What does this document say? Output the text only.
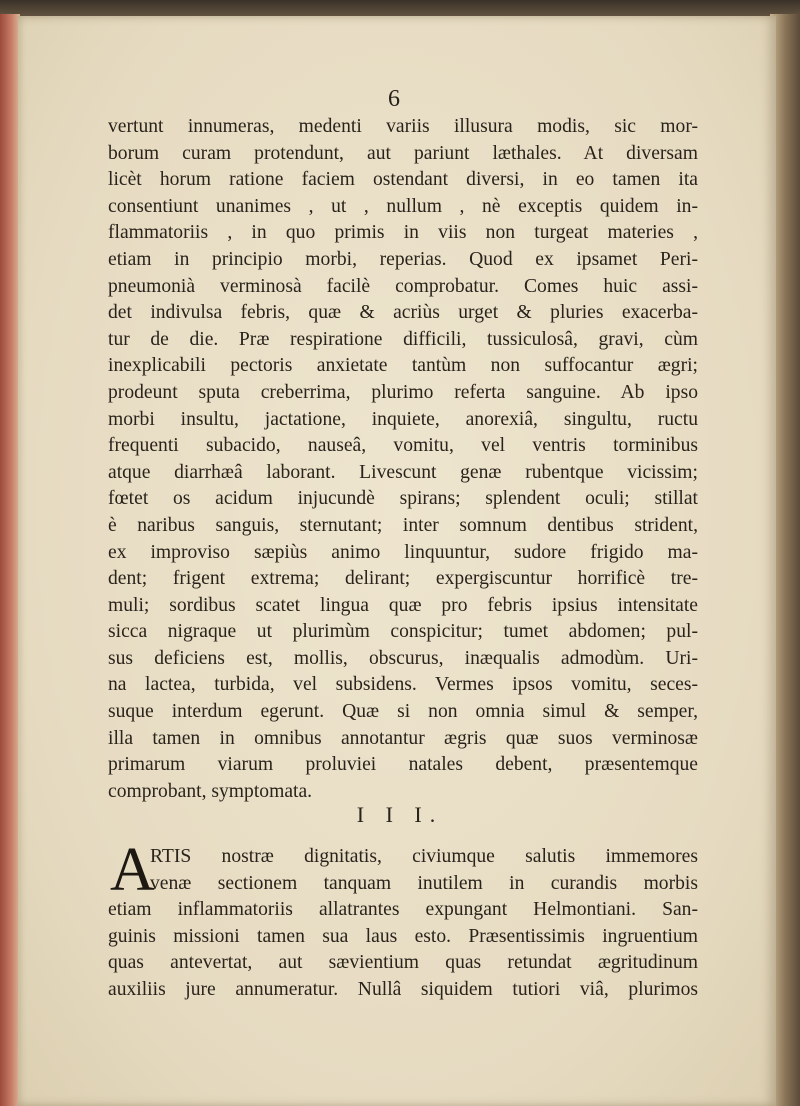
6
vertunt innumeras, medenti variis illusura modis, sic mor-
borum curam protendunt, aut pariunt læthales. At diversam
licèt horum ratione faciem ostendant diversi, in eo tamen ita
consentiunt unanimes , ut , nullum , nè exceptis quidem in-
flammatoriis , in quo primis in viis non turgeat materies ,
etiam in principio morbi, reperias. Quod ex ipsamet Peri-
pneumonià verminosà facilè comprobatur. Comes huic assi-
det indivulsa febris, quæ & acriùs urget & pluries exacerba-
tur de die. Præ respiratione difficili, tussiculosâ, gravi, cùm
inexplicabili pectoris anxietate tantùm non suffocantur ægri;
prodeunt sputa creberrima, plurimo referta sanguine. Ab ipso
morbi insultu, jactatione, inquiete, anorexiâ, singultu, ructu
frequenti subacido, nauseâ, vomitu, vel ventris torminibus
atque diarrhæâ laborant. Livescunt genæ rubentque vicissim;
fœtet os acidum injucundè spirans; splendent oculi; stillat
è naribus sanguis, sternutant; inter somnum dentibus strident,
ex improviso sæpiùs animo linquuntur, sudore frigido ma-
dent; frigent extrema; delirant; expergiscuntur horrificè tre-
muli; sordibus scatet lingua quæ pro febris ipsius intensitate
sicca nigraque ut plurimùm conspicitur; tumet abdomen; pul-
sus deficiens est, mollis, obscurus, inæqualis admodùm. Uri-
na lactea, turbida, vel subsidens. Vermes ipsos vomitu, seces-
suque interdum egerunt. Quæ si non omnia simul & semper,
illa tamen in omnibus annotantur ægris quæ suos verminosæ
primarum viarum proluviei natales debent, præsentemque
comprobant, symptomata.
I I I.
A
RTIS nostræ dignitatis, civiumque salutis immemores
venæ sectionem tanquam inutilem in curandis morbis
etiam inflammatoriis allatrantes expungant Helmontiani. San-
guinis missioni tamen sua laus esto. Præsentissimis ingruentium
quas antevertat, aut sævientium quas retundat ægritudinum
auxiliis jure annumeratur. Nullâ siquidem tutiori viâ, plurimos
